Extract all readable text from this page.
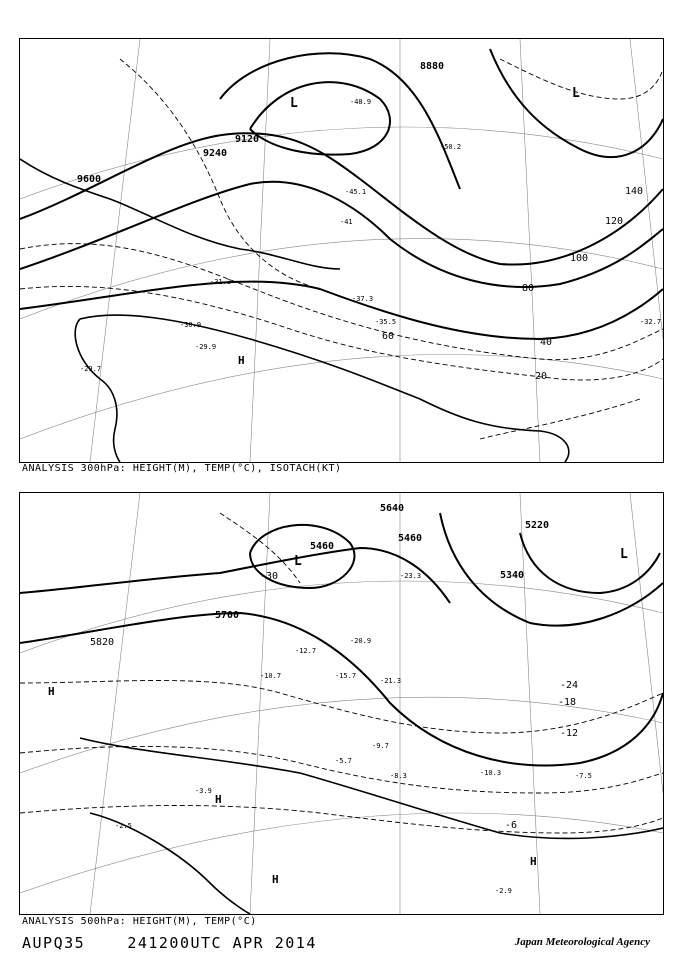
9600
9240
9120
8880
20
40
60
80
100
120
140
-29.7
-29.9
-30.9
-31.3
-32.7
-35.5
-37.3
-41
-45.1
-48.9
-50.2
H
L
L
ANALYSIS 300hPa: HEIGHT(M), TEMP(°C), ISOTACH(KT)
5220
5340
5460
5460
5640
5700
5820
-30
-24
-18
-12
-6
-23.3
-20.9
-21.3
-15.7
-12.7
-10.7
-9.7
-8.3	-7.5
-5.7
-3.9
-2.9
-2.5
-10.3
H
H
H
H
L	L
ANALYSIS 500hPa: HEIGHT(M), TEMP(°C)
AUPQ35	241200UTC APR 2014	Japan Meteorological Agency
